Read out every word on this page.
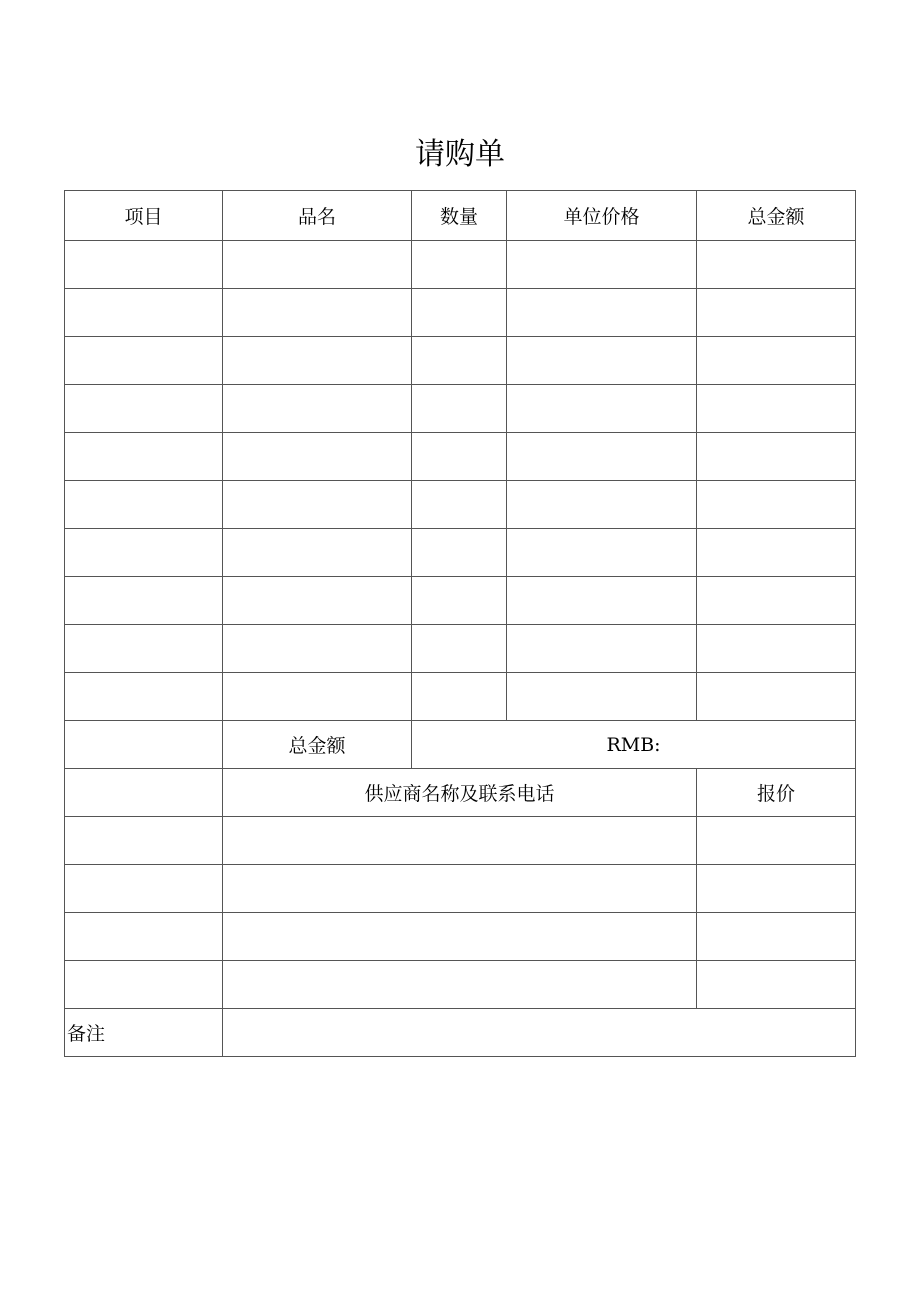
请购单
项目	品名	数量	单位价格	总金额

	总金额	RMB:		
	供应商名称及联系电话			报价

备注				
